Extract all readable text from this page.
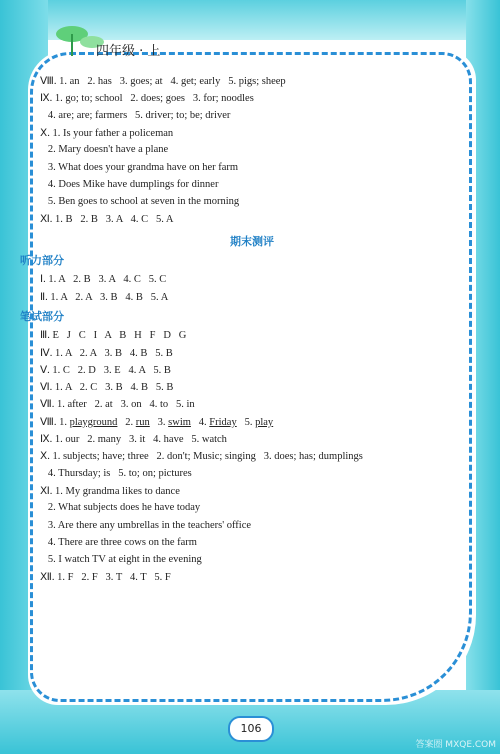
四年级 · 上
Ⅷ. 1. an   2. has   3. goes; at   4. get; early   5. pigs; sheep
Ⅸ. 1. go; to; school   2. does; goes   3. for; noodles
4. are; are; farmers   5. driver; to; be; driver
Ⅹ. 1. Is your father a policeman
2. Mary doesn't have a plane
3. What does your grandma have on her farm
4. Does Mike have dumplings for dinner
5. Ben goes to school at seven in the morning
Ⅺ. 1. B   2. B   3. A   4. C   5. A
听力部分
Ⅰ. 1. A   2. B   3. A   4. C   5. C
Ⅱ. 1. A   2. A   3. B   4. B   5. A
笔试部分
Ⅲ. E   J   C   I   A   B   H   F   D   G
Ⅳ. 1. A   2. A   3. B   4. B   5. B
Ⅴ. 1. C   2. D   3. E   4. A   5. B
Ⅵ. 1. A   2. C   3. B   4. B   5. B
Ⅶ. 1. after   2. at   3. on   4. to   5. in
Ⅷ. 1. playground   2. run   3. swim   4. Friday   5. play
Ⅸ. 1. our   2. many   3. it   4. have   5. watch
Ⅹ. 1. subjects; have; three   2. don't; Music; singing   3. does; has; dumplings
4. Thursday; is   5. to; on; pictures
Ⅺ. 1. My grandma likes to dance
2. What subjects does he have today
3. Are there any umbrellas in the teachers' office
4. There are three cows on the farm
5. I watch TV at eight in the evening
Ⅻ. 1. F   2. F   3. T   4. T   5. F
106
答案圈 MXQE.COM
期末测评
